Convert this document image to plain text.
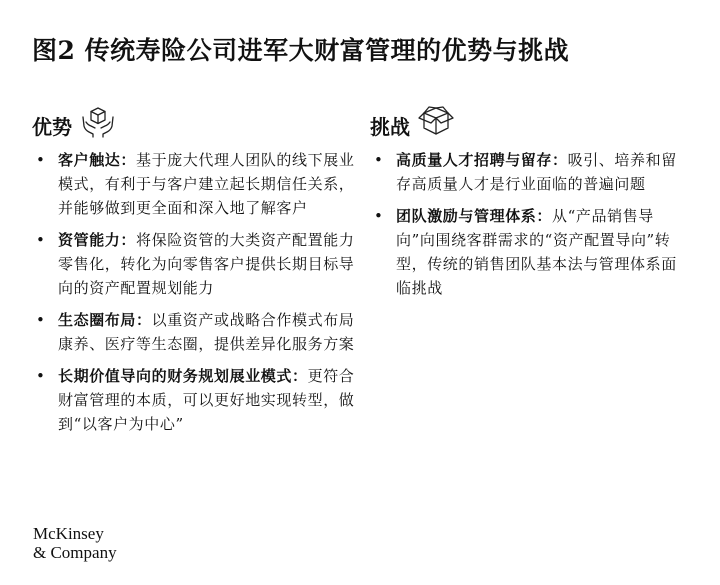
图2 传统寿险公司进军大财富管理的优势与挑战
优势
• 客户触达：基于庞大代理人团队的线下展业模式，有利于与客户建立起长期信任关系，并能够做到更全面和深入地了解客户
• 资管能力：将保险资管的大类资产配置能力零售化，转化为向零售客户提供长期目标导向的资产配置规划能力
• 生态圈布局：以重资产或战略合作模式布局康养、医疗等生态圈，提供差异化服务方案
• 长期价值导向的财务规划展业模式：更符合财富管理的本质，可以更好地实现转型，做到“以客户为中心”
挑战
• 高质量人才招聘与留存：吸引、培养和留存高质量人才是行业面临的普遍问题
• 团队激励与管理体系：从“产品销售导向”向围绕客群需求的“资产配置导向”转型，传统的销售团队基本法与管理体系面临挑战
McKinsey
& Company
